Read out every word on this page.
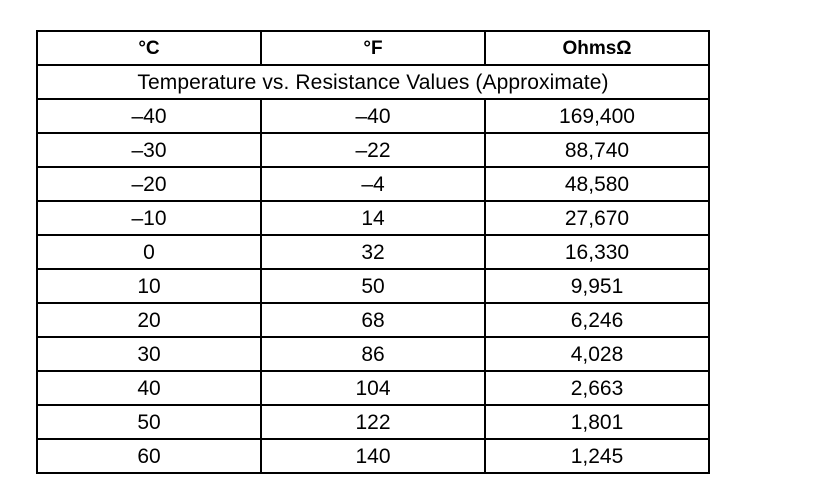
°C	°F	OhmsΩ
Temperature vs. Resistance Values (Approximate)		
–40	–40	169,400
–30	–22	88,740
–20	–4	48,580
–10	14	27,670
0	32	16,330
10	50	9,951
20	68	6,246
30	86	4,028
40	104	2,663
50	122	1,801
60	140	1,245
